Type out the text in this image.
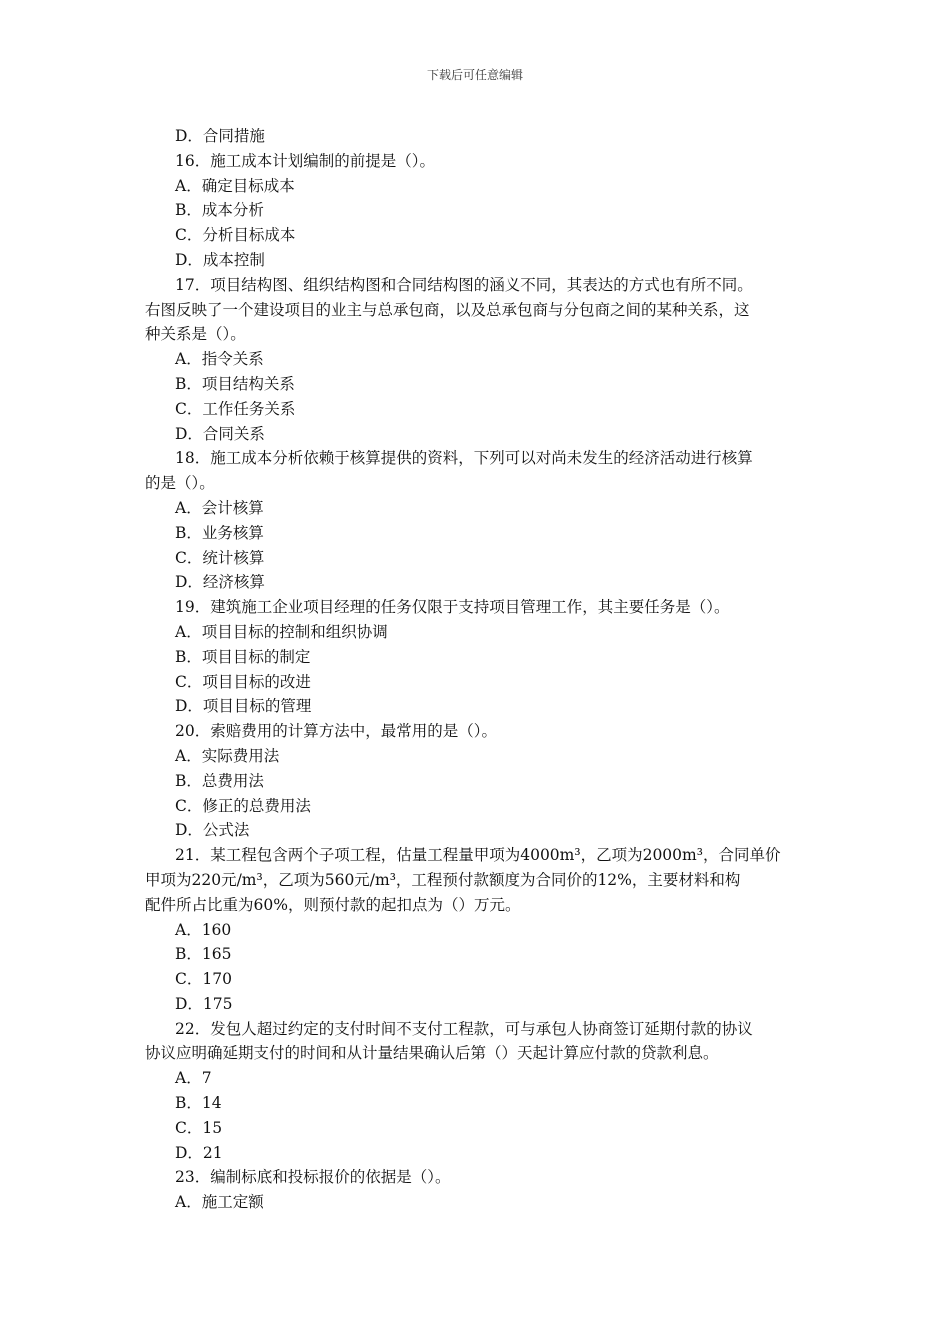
下载后可任意编辑
D．合同措施
16．施工成本计划编制的前提是（）。
A．确定目标成本
B．成本分析
C．分析目标成本
D．成本控制
17．项目结构图、组织结构图和合同结构图的涵义不同，其表达的方式也有所不同。
右图反映了一个建设项目的业主与总承包商，以及总承包商与分包商之间的某种关系，这
种关系是（）。
A．指令关系
B．项目结构关系
C．工作任务关系
D．合同关系
18．施工成本分析依赖于核算提供的资料，下列可以对尚未发生的经济活动进行核算
的是（）。
A．会计核算
B．业务核算
C．统计核算
D．经济核算
19．建筑施工企业项目经理的任务仅限于支持项目管理工作，其主要任务是（）。
A．项目目标的控制和组织协调
B．项目目标的制定
C．项目目标的改进
D．项目目标的管理
20．索赔费用的计算方法中，最常用的是（）。
A．实际费用法
B．总费用法
C．修正的总费用法
D．公式法
21．某工程包含两个子项工程，估量工程量甲项为4000m³，乙项为2000m³，合同单价
甲项为220元/m³，乙项为560元/m³，工程预付款额度为合同价的12%，主要材料和构
配件所占比重为60%，则预付款的起扣点为（）万元。
A．160
B．165
C．170
D．175
22．发包人超过约定的支付时间不支付工程款，可与承包人协商签订延期付款的协议
协议应明确延期支付的时间和从计量结果确认后第（）天起计算应付款的贷款利息。
A．7
B．14
C．15
D．21
23．编制标底和投标报价的依据是（）。
A．施工定额
